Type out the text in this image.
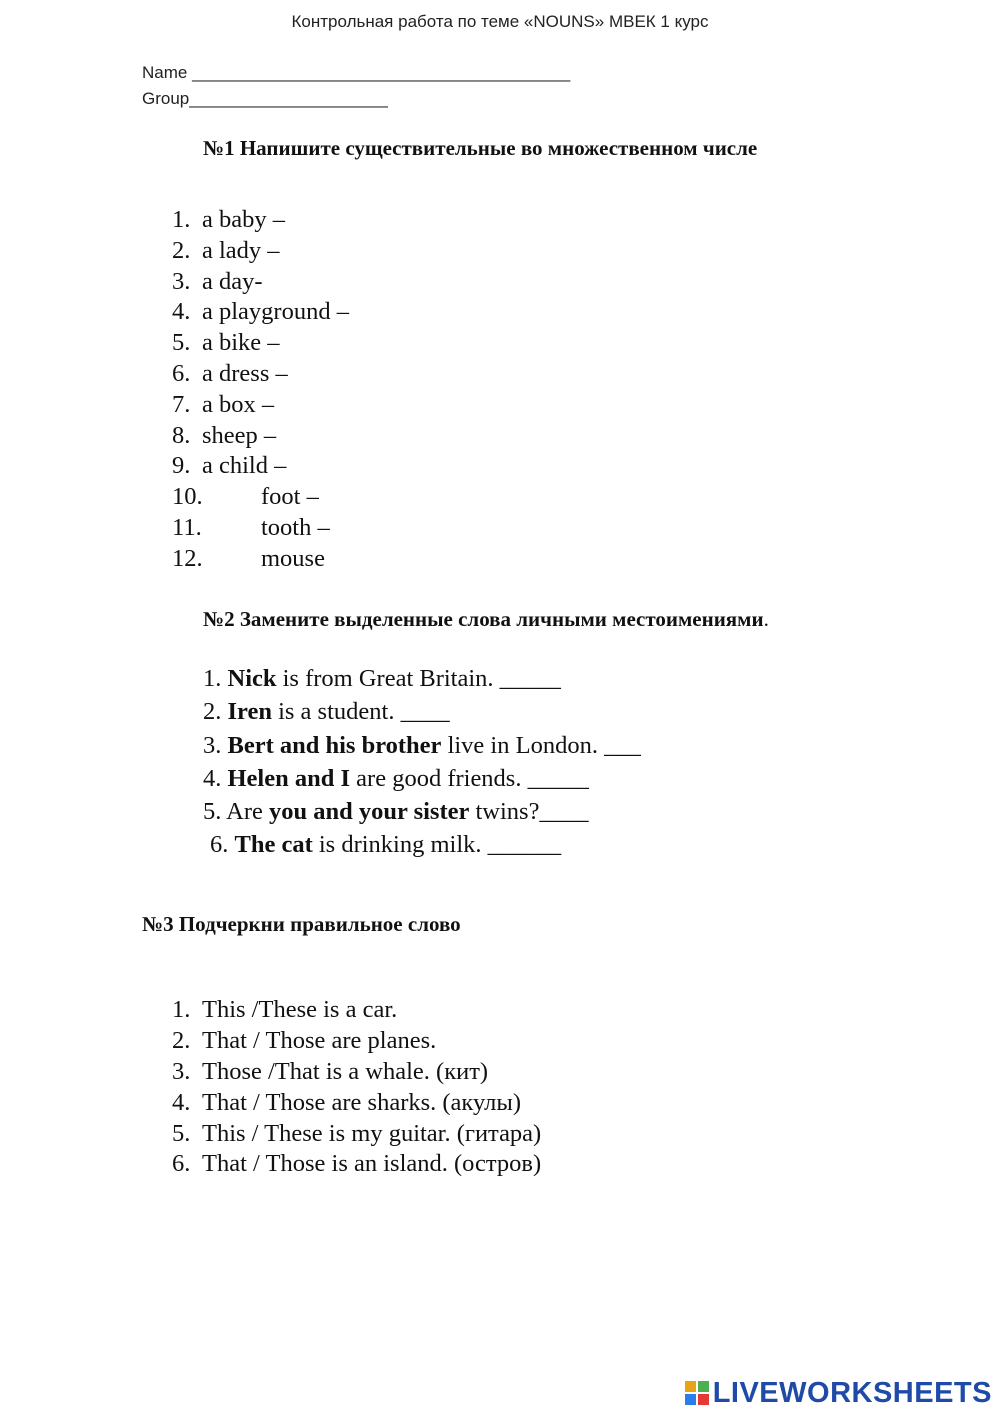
Контрольная работа по теме «NOUNS» МВЕК 1 курс
Name ________________________________________
Group_____________________
№1 Напишите существительные во множественном числе
1. a baby –
2. a lady –
3. a day-
4. a playground –
5. a bike –
6. a dress –
7. a box –
8. sheep –
9. a child –
10. foot –
11. tooth –
12. mouse
№2 Замените выделенные слова личными местоимениями.
1. Nick is from Great Britain. _____
2. Iren is a student. ____
3. Bert and his brother live in London. ___
4. Helen and I are good friends. _____
5. Are you and your sister twins?____
6. The cat is drinking milk. ______
№3 Подчеркни правильное слово
1. This /These is a car.
2. That / Those are planes.
3. Those /That is a whale. (кит)
4. That / Those are sharks. (акулы)
5. This / These is my guitar. (гитара)
6. That / Those is an island. (остров)
LIVEWORKSHEETS
